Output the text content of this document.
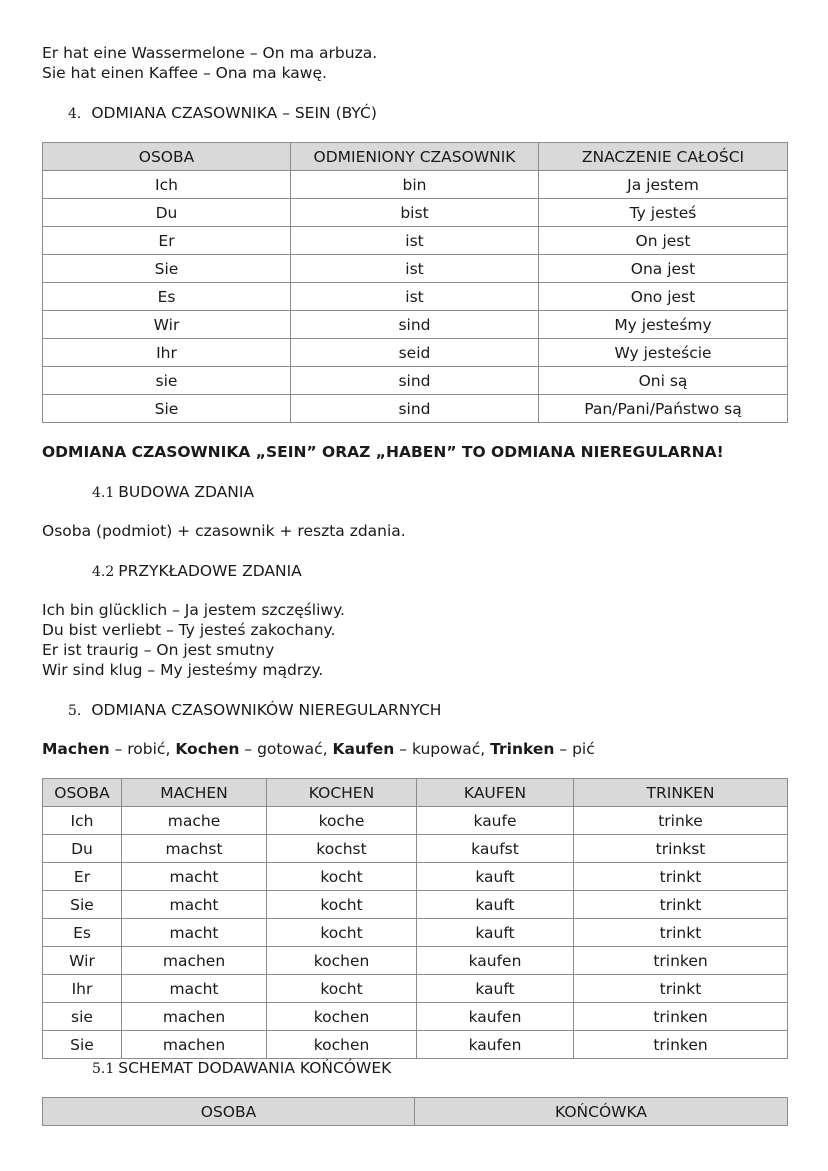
Er hat eine Wassermelone – On ma arbuza.
Sie hat einen Kaffee – Ona ma kawę.
4. ODMIANA CZASOWNIKA – SEIN (BYĆ)
OSOBA	ODMIENIONY CZASOWNIK	ZNACZENIE CAŁOŚCI
Ich	bin	Ja jestem
Du	bist	Ty jesteś
Er	ist	On jest
Sie	ist	Ona jest
Es	ist	Ono jest
Wir	sind	My jesteśmy
Ihr	seid	Wy jesteście
sie	sind	Oni są
Sie	sind	Pan/Pani/Państwo są
ODMIANA CZASOWNIKA „SEIN” ORAZ „HABEN” TO ODMIANA NIEREGULARNA!
4.1 BUDOWA ZDANIA
Osoba (podmiot) + czasownik + reszta zdania.
4.2 PRZYKŁADOWE ZDANIA
Ich bin glücklich – Ja jestem szczęśliwy.
Du bist verliebt – Ty jesteś zakochany.
Er ist traurig – On jest smutny
Wir sind klug – My jesteśmy mądrzy.
5. ODMIANA CZASOWNIKÓW NIEREGULARNYCH
Machen – robić, Kochen – gotować, Kaufen – kupować, Trinken – pić
OSOBA	MACHEN	KOCHEN	KAUFEN	TRINKEN
Ich	mache	koche	kaufe	trinke
Du	machst	kochst	kaufst	trinkst
Er	macht	kocht	kauft	trinkt
Sie	macht	kocht	kauft	trinkt
Es	macht	kocht	kauft	trinkt
Wir	machen	kochen	kaufen	trinken
Ihr	macht	kocht	kauft	trinkt
sie	machen	kochen	kaufen	trinken
Sie	machen	kochen	kaufen	trinken
5.1 SCHEMAT DODAWANIA KOŃCÓWEK
OSOBA	KOŃCÓWKA
